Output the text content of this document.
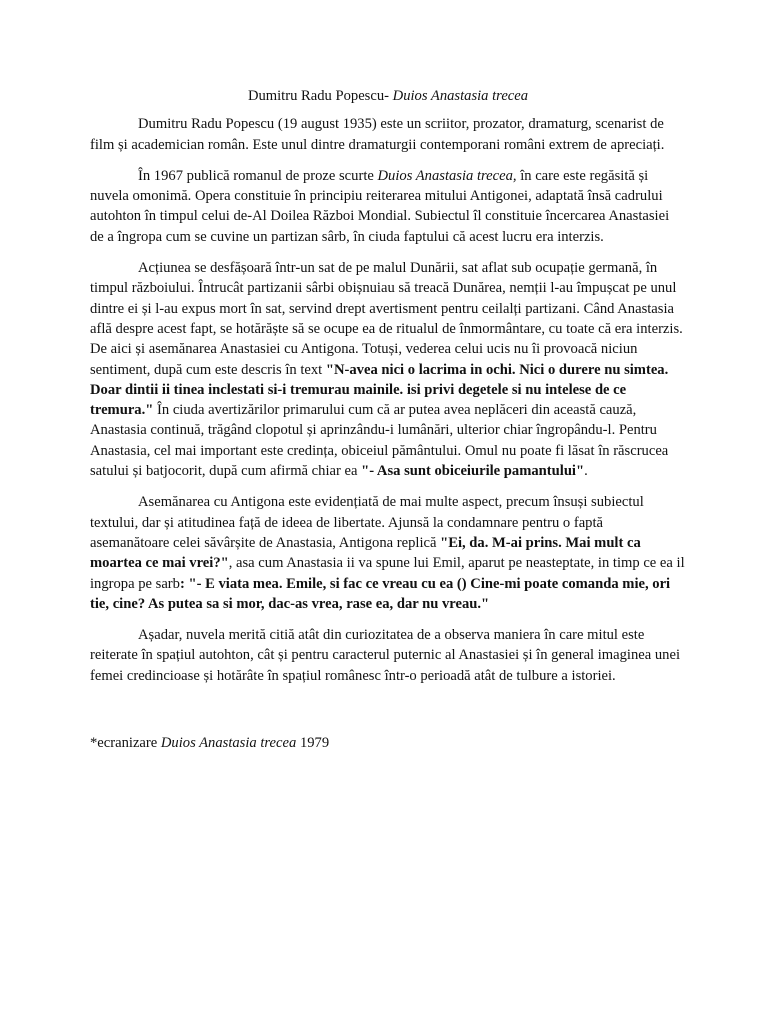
Dumitru Radu Popescu- Duios Anastasia trecea

Dumitru Radu Popescu (19 august 1935) este un scriitor, prozator, dramaturg, scenarist de film și academician român. Este unul dintre dramaturgii contemporani români extrem de apreciați.

În 1967 publică romanul de proze scurte Duios Anastasia trecea, în care este regăsită și nuvela omonimă. Opera constituie în principiu reiterarea mitului Antigonei, adaptată însă cadrului autohton în timpul celui de-Al Doilea Război Mondial. Subiectul îl constituie încercarea Anastasiei de a îngropa cum se cuvine un partizan sârb, în ciuda faptului că acest lucru era interzis.

Acțiunea se desfășoară într-un sat de pe malul Dunării, sat aflat sub ocupație germană, în timpul războiului. Întrucât partizanii sârbi obișnuiau să treacă Dunărea, nemții l-au împușcat pe unul dintre ei și l-au expus mort în sat, servind drept avertisment pentru ceilalți partizani. Când Anastasia află despre acest fapt, se hotărăște să se ocupe ea de ritualul de înmormântare, cu toate că era interzis. De aici și asemănarea Anastasiei cu Antigona. Totuși, vederea celui ucis nu îi provoacă niciun sentiment, după cum este descris în text "N-avea nici o lacrima in ochi. Nici o durere nu simtea. Doar dintii ii tinea inclestati si-i tremurau mainile. isi privi degetele si nu intelese de ce tremura." În ciuda avertizărilor primarului cum că ar putea avea neplăceri din această cauză, Anastasia continuă, trăgând clopotul și aprinzându-i lumânări, ulterior chiar îngropându-l. Pentru Anastasia, cel mai important este credința, obiceiul pământului. Omul nu poate fi lăsat în răscrucea satului și batjocorit, după cum afirmă chiar ea "- Asa sunt obiceiurile pamantului".

Asemănarea cu Antigona este evidențiată de mai multe aspect, precum însuși subiectul textului, dar și atitudinea față de ideea de libertate. Ajunsă la condamnare pentru o faptă asemanătoare celei săvârșite de Anastasia, Antigona replică "Ei, da. M-ai prins. Mai mult ca moartea ce mai vrei?", asa cum Anastasia ii va spune lui Emil, aparut pe neasteptate, in timp ce ea il ingropa pe sarb: "- E viata mea. Emile, si fac ce vreau cu ea () Cine-mi poate comanda mie, ori tie, cine? As putea sa si mor, dac-as vrea, rase ea, dar nu vreau."

Așadar, nuvela merită citiă atât din curiozitatea de a observa maniera în care mitul este reiterate în spațiul autohton, cât și pentru caracterul puternic al Anastasiei și în general imaginea unei femei credincioase și hotărâte în spațiul românesc într-o perioadă atât de tulbure a istoriei.

*ecranizare Duios Anastasia trecea 1979
